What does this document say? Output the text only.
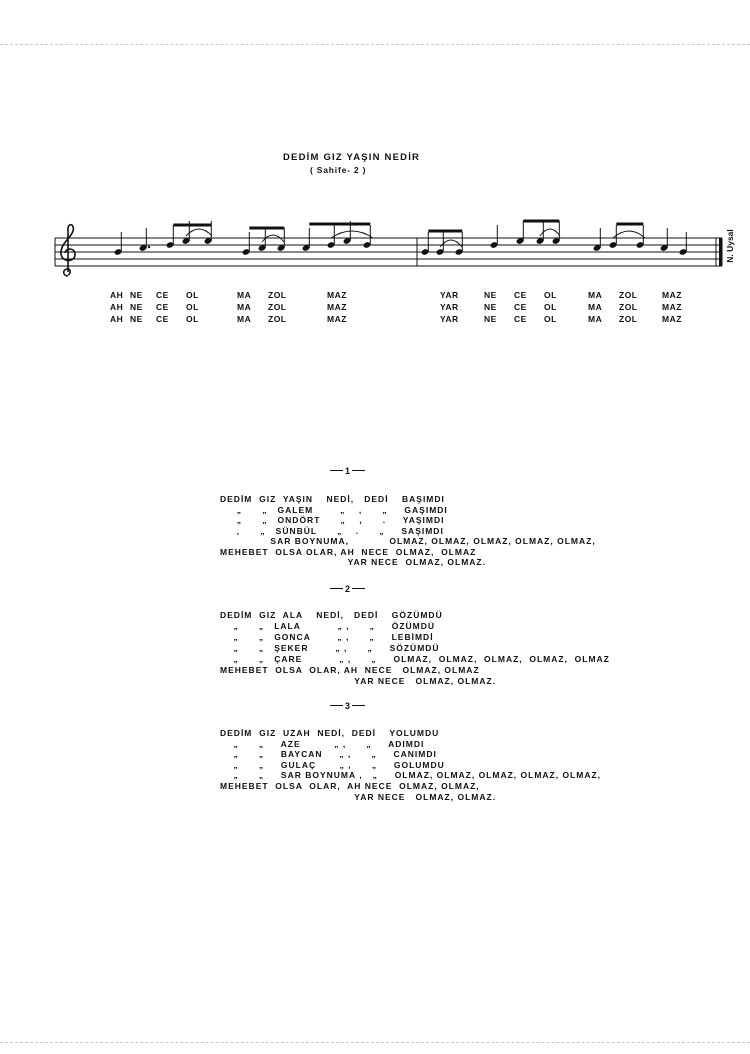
DEDİM GIZ YAŞIN NEDİR
( Sahife- 2 )
N. Uysal
AH NE CE OL	MA ZOL	MAZ	YAR	NE CE OL	MA ZOL	MAZ
AH NE CE OL	MA ZOL	MAZ	YAR	NE CE OL	MA ZOL	MAZ
AH NE CE OL	MA ZOL	MAZ	YAR	NE CE OL	MA ZOL	MAZ
1
DEDİM  GIZ  YAŞIN    NEDİ,   DEDİ    BAŞIMDI
„      „   GALEM        „    ,      „     GAŞIMDI
„      „   ONDÖRT      „    ,      .     YAŞIMDI
‚      „   SÜNBÜL      „    .      „     SAŞIMDI
SAR BOYNUMA,            OLMAZ, OLMAZ, OLMAZ, OLMAZ, OLMAZ,
MEHEBET  OLSA OLAR, AH  NECE  OLMAZ,  OLMAZ
YAR NECE  OLMAZ, OLMAZ.
2
DEDİM  GIZ  ALA    NEDİ,   DEDİ    GÖZÜMDÜ
„      „   LALA           „ ,      „     ÖZÜMDÜ
„      „   GONCA        „ ,      „     LEBİMDİ
„      „   ŞEKER        „ ,      „     SÖZÜMDÜ
„      „   ÇARE           „ ,      „     OLMAZ,  OLMAZ,  OLMAZ,  OLMAZ,  OLMAZ
MEHEBET  OLSA  OLAR, AH  NECE   OLMAZ, OLMAZ
YAR NECE   OLMAZ, OLMAZ.
3
DEDİM  GIZ  UZAH  NEDİ,  DEDİ    YOLUMDU
„      „     AZE          „ ,      „     ADIMDI
„      „     BAYCAN     „ ,      „     CANIMDI
„      „     GULAÇ       „ ,      „     GOLUMDU
„      „     SAR BOYNUMA ,   „     OLMAZ, OLMAZ, OLMAZ, OLMAZ, OLMAZ,
MEHEBET  OLSA  OLAR,  AH NECE  OLMAZ, OLMAZ,
YAR NECE   OLMAZ, OLMAZ.
